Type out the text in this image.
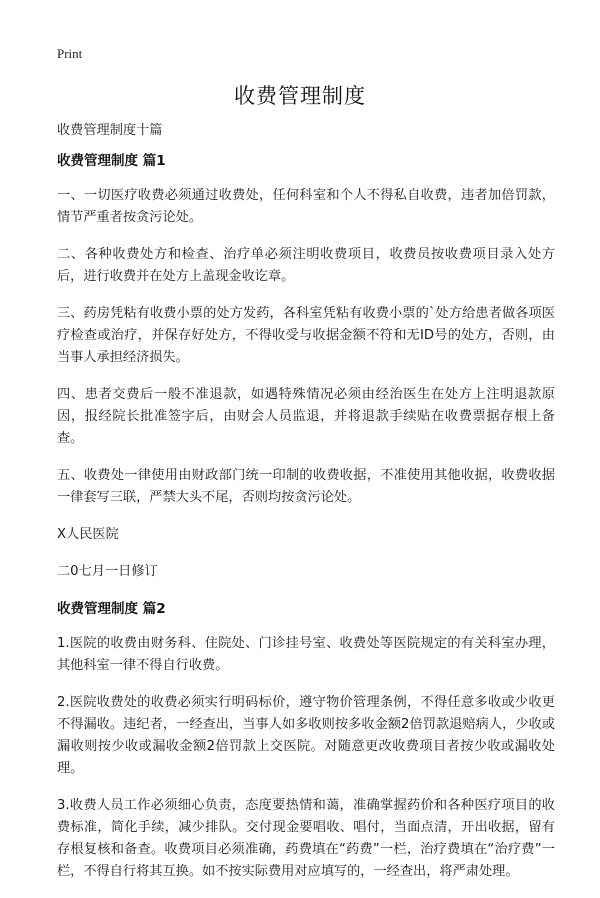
Print
收费管理制度

收费管理制度十篇

收费管理制度 篇1

一、一切医疗收费必须通过收费处，任何科室和个人不得私自收费，违者加倍罚款，情节严重者按贪污论处。

二、各种收费处方和检查、治疗单必须注明收费项目，收费员按收费项目录入处方后，进行收费并在处方上盖现金收讫章。

三、药房凭粘有收费小票的处方发药，各科室凭粘有收费小票的`处方给患者做各项医疗检查或治疗，并保存好处方，不得收受与收据金额不符和无ID号的处方，否则，由当事人承担经济损失。

四、患者交费后一般不准退款，如遇特殊情况必须由经治医生在处方上注明退款原因，报经院长批准签字后，由财会人员监退，并将退款手续贴在收费票据存根上备查。

五、收费处一律使用由财政部门统一印制的收费收据，不准使用其他收据，收费收据一律套写三联，严禁大头不尾，否则均按贪污论处。

X人民医院

二0七月一日修订

收费管理制度 篇2

1.医院的收费由财务科、住院处、门诊挂号室、收费处等医院规定的有关科室办理，其他科室一律不得自行收费。

2.医院收费处的收费必须实行明码标价，遵守物价管理条例，不得任意多收或少收更不得漏收。违纪者，一经查出，当事人如多收则按多收金额2倍罚款退赔病人，少收或漏收则按少收或漏收金额2倍罚款上交医院。对随意更改收费项目者按少收或漏收处理。

3.收费人员工作必须细心负责，态度要热情和蔼，准确掌握药价和各种医疗项目的收费标准，简化手续，减少排队。交付现金要唱收、唱付，当面点清，开出收据，留有存根复核和备查。收费项目必须准确，药费填在“药费”一栏，治疗费填在“治疗费”一栏，不得自行将其互换。如不按实际费用对应填写的，一经查出，将严肃处理。
